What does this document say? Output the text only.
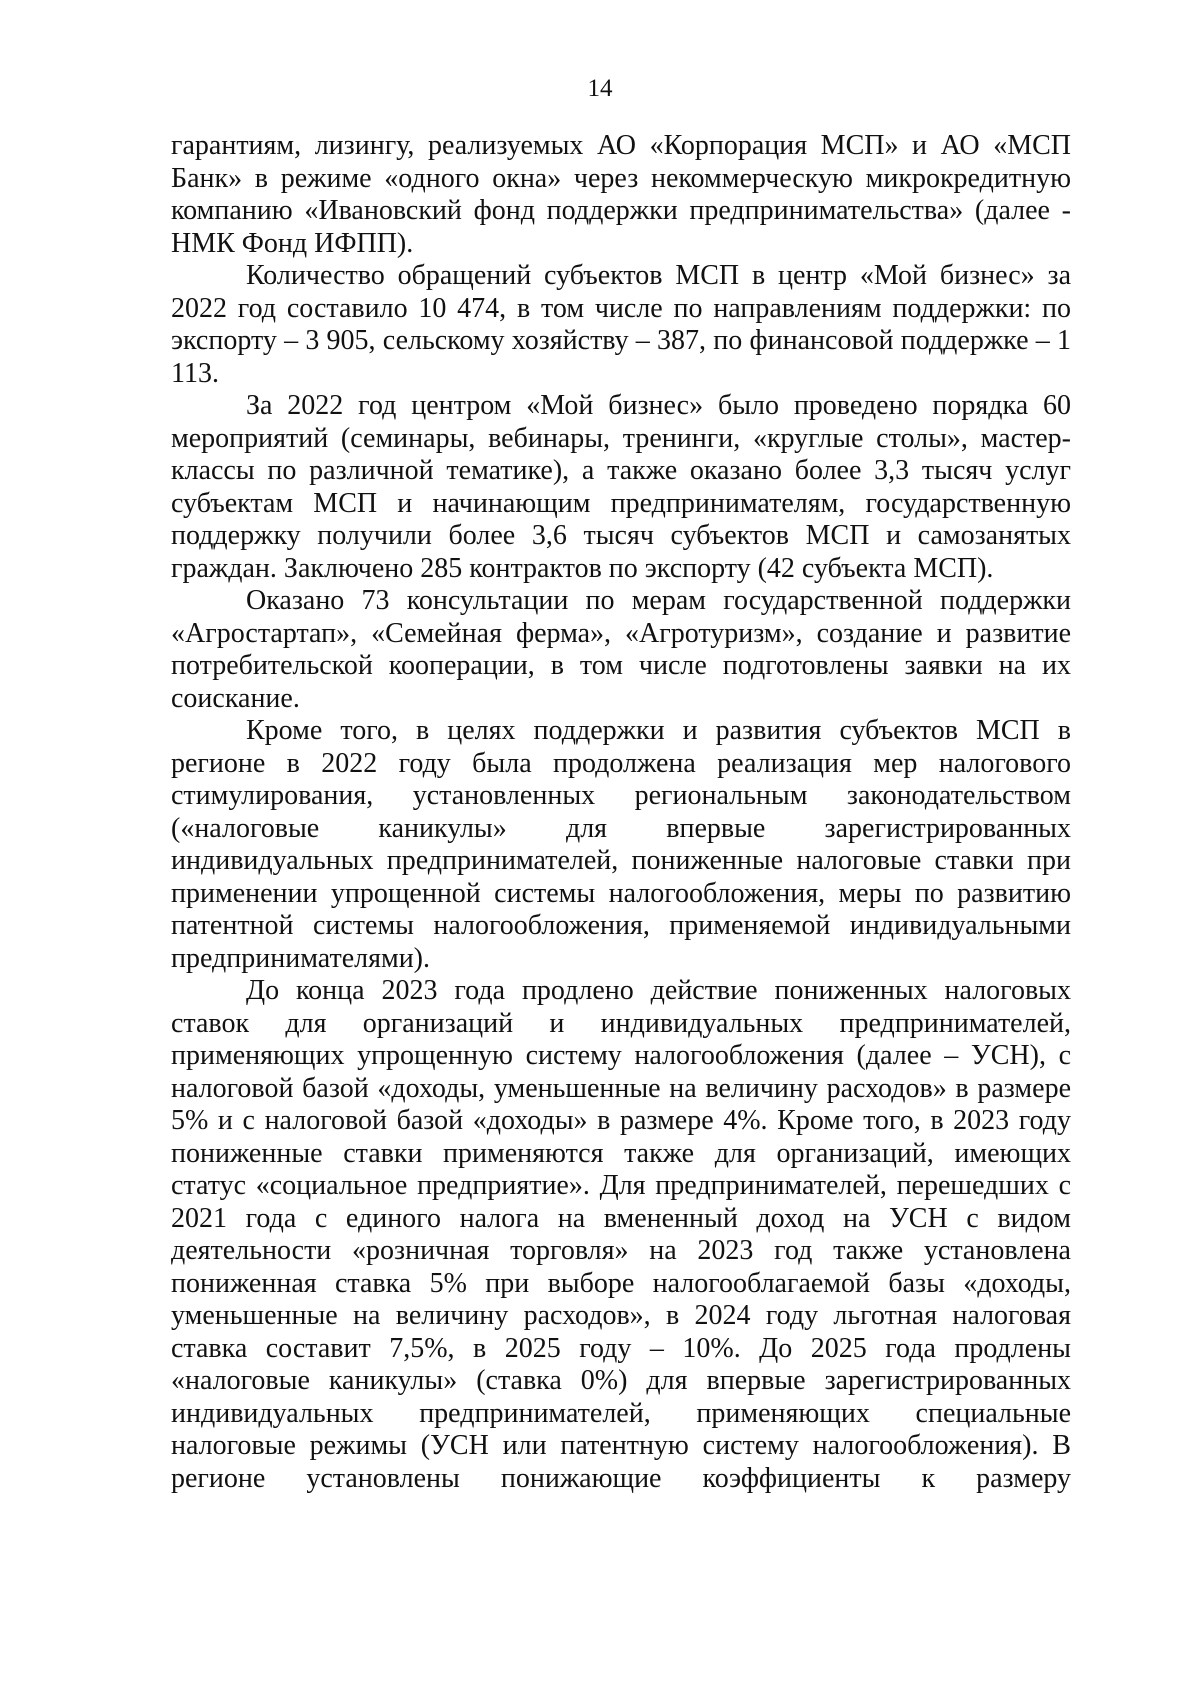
14

гарантиям, лизингу, реализуемых АО «Корпорация МСП» и АО «МСП Банк» в режиме «одного окна» через некоммерческую микрокредитную компанию «Ивановский фонд поддержки предпринимательства» (далее - НМК Фонд ИФПП).

Количество обращений субъектов МСП в центр «Мой бизнес» за 2022 год составило 10 474, в том числе по направлениям поддержки: по экспорту – 3 905, сельскому хозяйству – 387, по финансовой поддержке – 1 113.

За 2022 год центром «Мой бизнес» было проведено порядка 60 мероприятий (семинары, вебинары, тренинги, «круглые столы», мастер-классы по различной тематике), а также оказано более 3,3 тысяч услуг субъектам МСП и начинающим предпринимателям, государственную поддержку получили более 3,6 тысяч субъектов МСП и самозанятых граждан. Заключено 285 контрактов по экспорту (42 субъекта МСП).

Оказано 73 консультации по мерам государственной поддержки «Агростартап», «Семейная ферма», «Агротуризм», создание и развитие потребительской кооперации, в том числе подготовлены заявки на их соискание.

Кроме того, в целях поддержки и развития субъектов МСП в регионе в 2022 году была продолжена реализация мер налогового стимулирования, установленных региональным законодательством («налоговые каникулы» для впервые зарегистрированных индивидуальных предпринимателей, пониженные налоговые ставки при применении упрощенной системы налогообложения, меры по развитию патентной системы налогообложения, применяемой индивидуальными предпринимателями).

До конца 2023 года продлено действие пониженных налоговых ставок для организаций и индивидуальных предпринимателей, применяющих упрощенную систему налогообложения (далее – УСН), с налоговой базой «доходы, уменьшенные на величину расходов» в размере 5% и с налоговой базой «доходы» в размере 4%. Кроме того, в 2023 году пониженные ставки применяются также для организаций, имеющих статус «социальное предприятие». Для предпринимателей, перешедших с 2021 года с единого налога на вмененный доход на УСН с видом деятельности «розничная торговля» на 2023 год также установлена пониженная ставка 5% при выборе налогооблагаемой базы «доходы, уменьшенные на величину расходов», в 2024 году льготная налоговая ставка составит 7,5%, в 2025 году – 10%. До 2025 года продлены «налоговые каникулы» (ставка 0%) для впервые зарегистрированных индивидуальных предпринимателей, применяющих специальные налоговые режимы (УСН или патентную систему налогообложения). В регионе установлены понижающие коэффициенты к размеру
